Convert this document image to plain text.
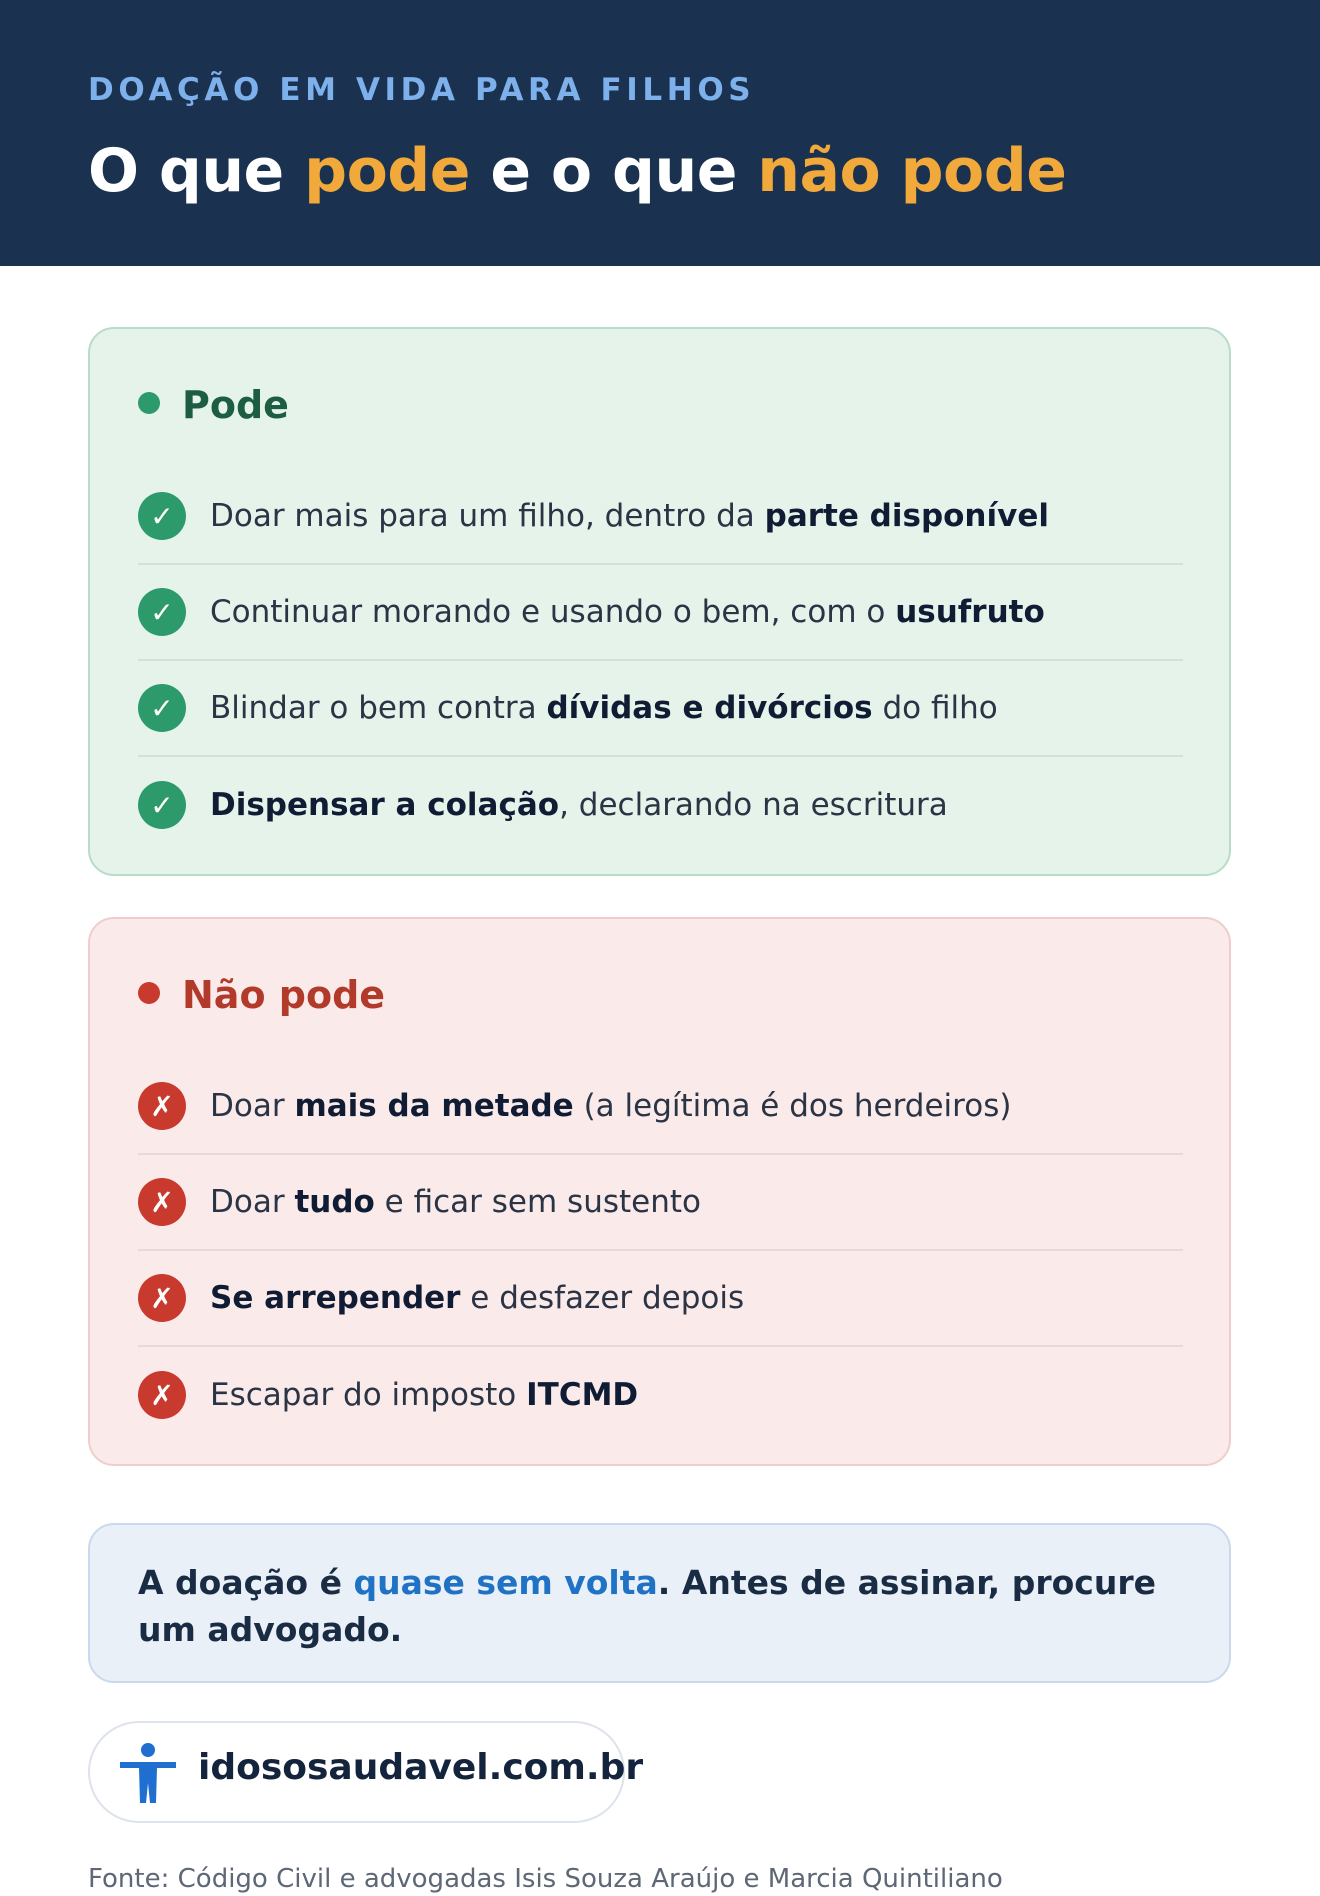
DOAÇÃO EM VIDA PARA FILHOS
O que pode e o que não pode
Pode
✓	Doar mais para um filho, dentro da parte disponível
✓	Continuar morando e usando o bem, com o usufruto
✓	Blindar o bem contra dívidas e divórcios do filho
✓	Dispensar a colação, declarando na escritura
Não pode
✗	Doar mais da metade (a legítima é dos herdeiros)
✗	Doar tudo e ficar sem sustento
✗	Se arrepender e desfazer depois
✗	Escapar do imposto ITCMD
A doação é quase sem volta. Antes de assinar, procure um advogado.
idososaudavel.com.br
Fonte: Código Civil e advogadas Isis Souza Araújo e Marcia Quintiliano
